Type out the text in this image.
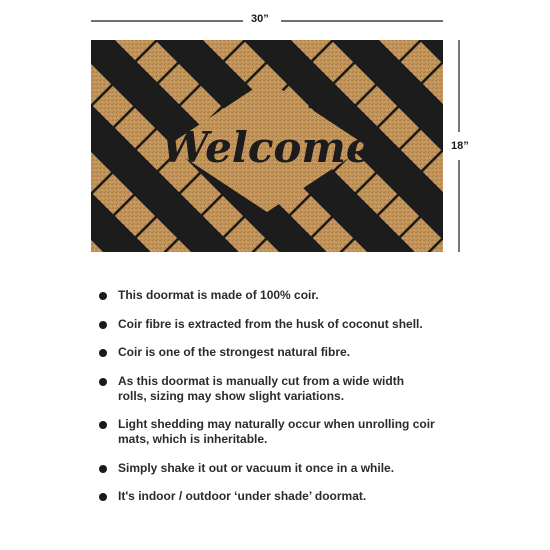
Welcome
30”
18”
This doormat is made of 100% coir.
Coir fibre is extracted from the husk of coconut shell.
Coir is one of the strongest natural fibre.
As this doormat is manually cut from a wide width rolls, sizing may show slight variations.
Light shedding may naturally occur when unrolling coir mats, which is inheritable.
Simply shake it out or vacuum it once in a while.
It's indoor / outdoor ‘under shade’ doormat.
